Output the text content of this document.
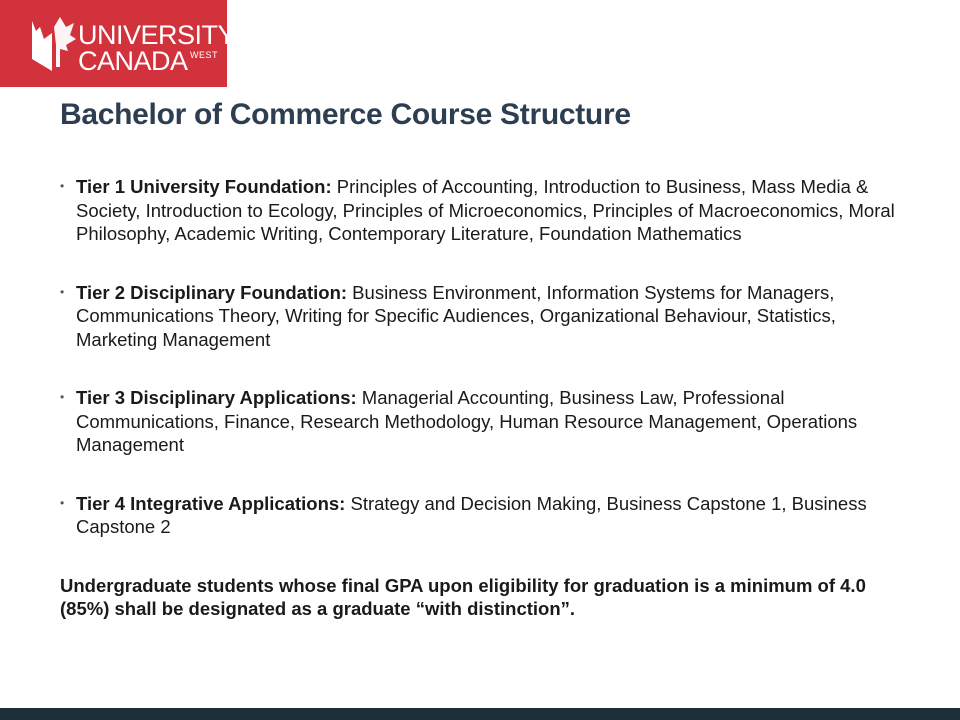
UNIVERSITY
CANADA WEST
Bachelor of Commerce Course Structure
• Tier 1 University Foundation: Principles of Accounting, Introduction to Business, Mass Media & Society, Introduction to Ecology, Principles of Microeconomics, Principles of Macroeconomics, Moral Philosophy, Academic Writing, Contemporary Literature, Foundation Mathematics
• Tier 2 Disciplinary Foundation: Business Environment, Information Systems for Managers, Communications Theory, Writing for Specific Audiences, Organizational Behaviour, Statistics, Marketing Management
• Tier 3 Disciplinary Applications: Managerial Accounting, Business Law, Professional Communications, Finance, Research Methodology, Human Resource Management, Operations Management
• Tier 4 Integrative Applications: Strategy and Decision Making, Business Capstone 1, Business Capstone 2
Undergraduate students whose final GPA upon eligibility for graduation is a minimum of 4.0 (85%) shall be designated as a graduate “with distinction”.
